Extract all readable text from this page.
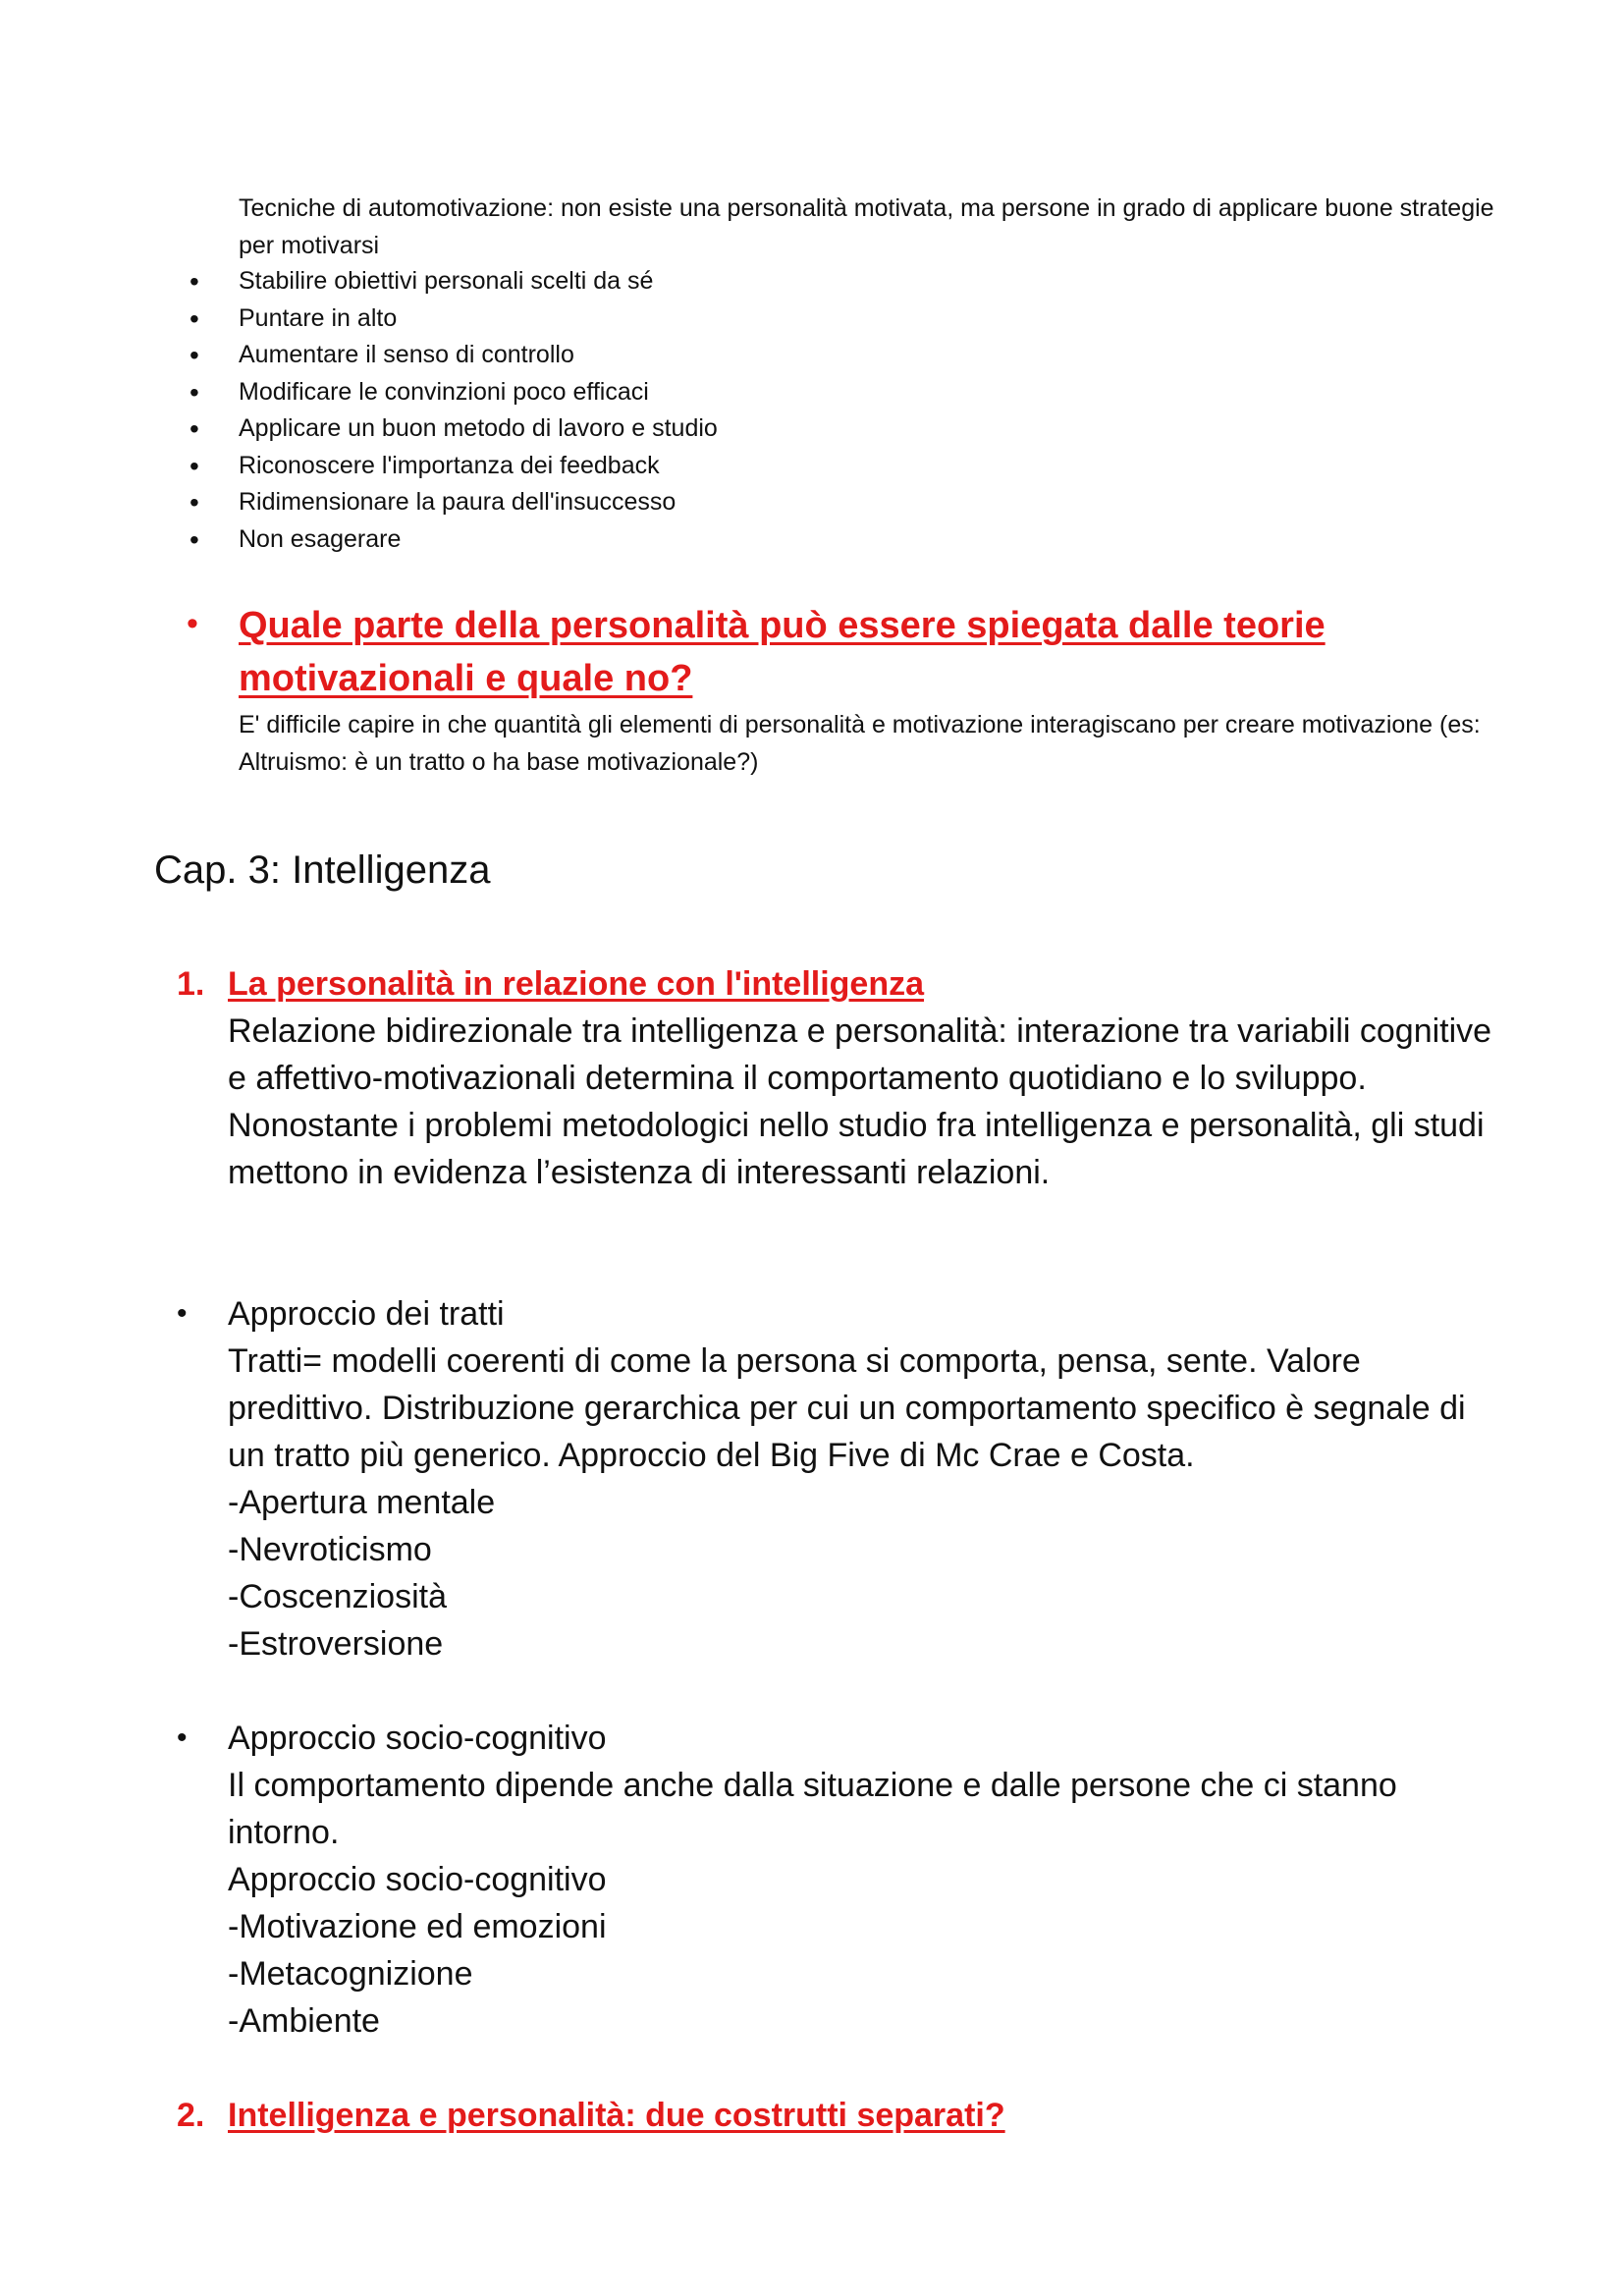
Tecniche di automotivazione: non esiste una personalità motivata, ma persone in grado di applicare buone strategie per motivarsi
• Stabilire obiettivi personali scelti da sé
• Puntare in alto
• Aumentare il senso di controllo
• Modificare le convinzioni poco efficaci
• Applicare un buon metodo di lavoro e studio
• Riconoscere l'importanza dei feedback
• Ridimensionare la paura dell'insuccesso
• Non esagerare
• Quale parte della personalità può essere spiegata dalle teorie motivazionali e quale no?
E' difficile capire in che quantità gli elementi di personalità e motivazione interagiscano per creare motivazione (es: Altruismo: è un tratto o ha base motivazionale?)
Cap. 3: Intelligenza
1. La personalità in relazione con l'intelligenza

Relazione bidirezionale tra intelligenza e personalità: interazione tra variabili cognitive e affettivo-motivazionali determina il comportamento quotidiano e lo sviluppo.

Nonostante i problemi metodologici nello studio fra intelligenza e personalità, gli studi mettono in evidenza l’esistenza di interessanti relazioni.

• Approccio dei tratti

Tratti= modelli coerenti di come la persona si comporta, pensa, sente. Valore predittivo. Distribuzione gerarchica per cui un comportamento specifico è segnale di un tratto più generico. Approccio del Big Five di Mc Crae e Costa.

-Apertura mentale

-Nevroticismo

-Coscenziosità

-Estroversione

• Approccio socio-cognitivo

Il comportamento dipende anche dalla situazione e dalle persone che ci stanno intorno.

Approccio socio-cognitivo

-Motivazione ed emozioni

-Metacognizione

-Ambiente

2. Intelligenza e personalità: due costrutti separati?
